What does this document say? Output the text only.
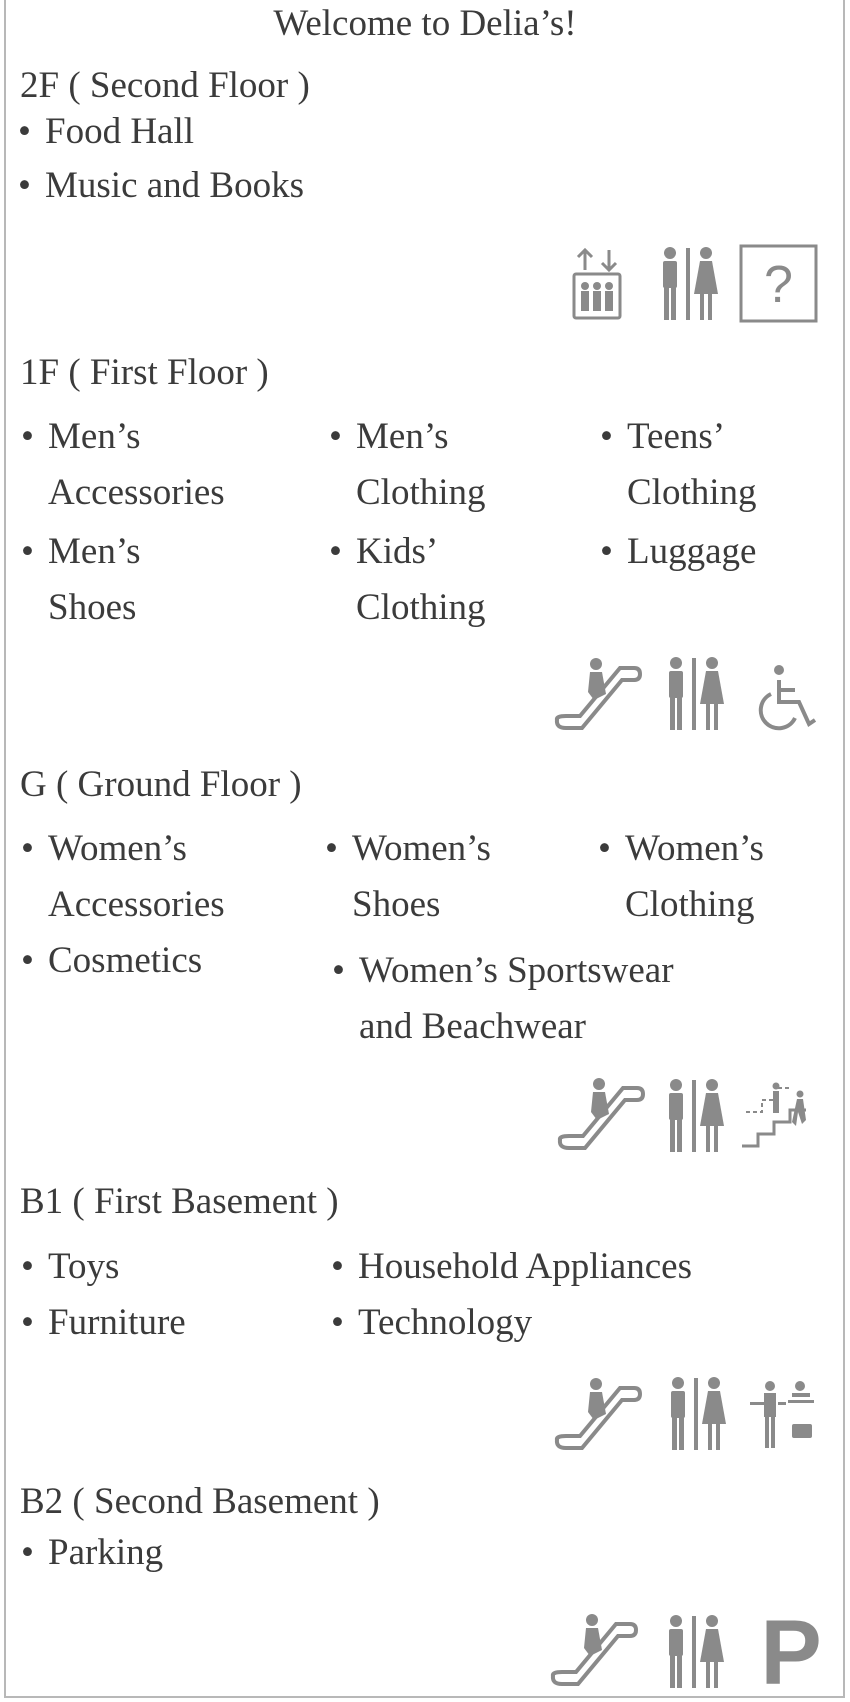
Welcome to Delia’s!
2F ( Second Floor )
• Food Hall
• Music and Books
?
1F ( First Floor )
• Men’s
Accessories
• Men’s
Clothing
• Teens’
Clothing
• Men’s
Shoes
• Kids’
Clothing
• Luggage
G ( Ground Floor )
• Women’s
Accessories
• Women’s
Shoes
• Women’s
Clothing
• Cosmetics	• Women’s Sportswear
and Beachwear
B1 ( First Basement )
• Toys	• Household Appliances
• Furniture	• Technology
B2 ( Second Basement )
• Parking
P
